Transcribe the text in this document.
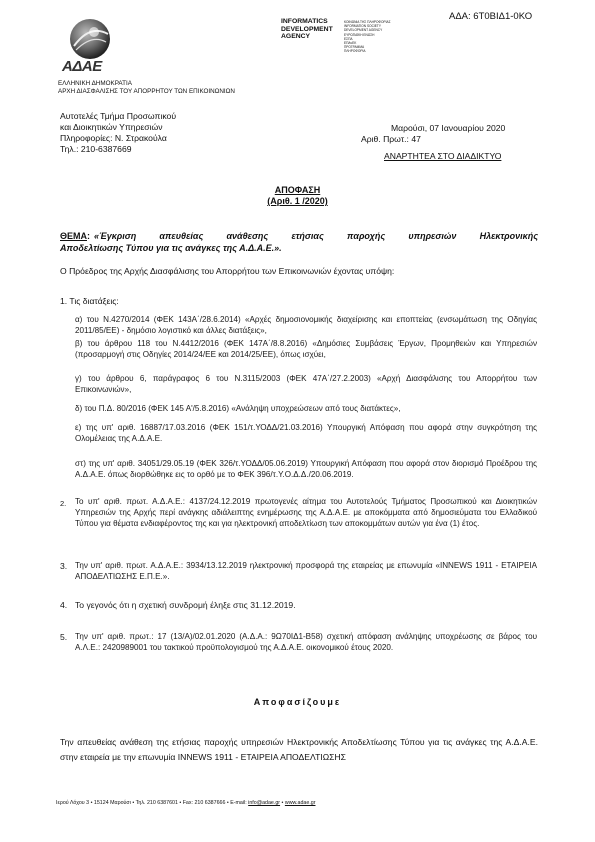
ΑΔΑ: 6Τ0ΒΙΔ1-0ΚΟ
ΑΔΑΕ
ΕΛΛΗΝΙΚΗ ΔΗΜΟΚΡΑΤΙΑ
ΑΡΧΗ ΔΙΑΣΦΑΛΙΣΗΣ ΤΟΥ ΑΠΟΡΡΗΤΟΥ ΤΩΝ ΕΠΙΚΟΙΝΩΝΙΩΝ
INFORMATICS
DEVELOPMENT
AGENCY
ΚΟΙΝΩΝΙΑ ΤΗΣ ΠΛΗΡΟΦΟΡΙΑΣ
INFORMATION SOCIETY
DEVELOPMENT AGENCY
ΕΥΡΩΠΑΪΚΗ ΕΝΩΣΗ
ΕΣΠΑ
ΕΠΑνΕΚ
ΠΡΟΓΡΑΜΜΑ
ΠΛΗΡΟΦΟΡΙΑ
Αυτοτελές Τμήμα Προσωπικού
και Διοικητικών Υπηρεσιών
Πληροφορίες: Ν. Στρακούλα
Τηλ.: 210-6387669
Μαρούσι, 07 Ιανουαρίου 2020
Αριθ. Πρωτ.: 47
ΑΝΑΡΤΗΤΕΑ ΣΤΟ ΔΙΑΔΙΚΤΥΟ
ΑΠΟΦΑΣΗ
(Αριθ. 1 /2020)
ΘΕΜΑ: «Έγκριση απευθείας ανάθεσης ετήσιας παροχής υπηρεσιών Ηλεκτρονικής
Αποδελτίωσης Τύπου για τις ανάγκες της Α.Δ.Α.Ε.».
Ο Πρόεδρος της Αρχής Διασφάλισης του Απορρήτου των Επικοινωνιών έχοντας υπόψη:
1. Τις διατάξεις:
α) του Ν.4270/2014 (ΦΕΚ 143Α΄/28.6.2014) «Αρχές δημοσιονομικής διαχείρισης και εποπτείας (ενσωμάτωση της Οδηγίας 2011/85/ΕΕ) - δημόσιο λογιστικό και άλλες διατάξεις»,
β) του άρθρου 118 του Ν.4412/2016 (ΦΕΚ 147Α΄/8.8.2016) «Δημόσιες Συμβάσεις Έργων, Προμηθειών και Υπηρεσιών (προσαρμογή στις Οδηγίες 2014/24/ΕΕ και 2014/25/ΕΕ), όπως ισχύει,
γ) του άρθρου 6, παράγραφος 6 του Ν.3115/2003 (ΦΕΚ 47Α΄/27.2.2003) «Αρχή Διασφάλισης του Απορρήτου των Επικοινωνιών»,
δ) του Π.Δ. 80/2016 (ΦΕΚ 145 Α'/5.8.2016) «Ανάληψη υποχρεώσεων από τους διατάκτες»,
ε) της υπ' αριθ. 16887/17.03.2016 (ΦΕΚ 151/τ.ΥΟΔΔ/21.03.2016) Υπουργική Απόφαση που αφορά στην συγκρότηση της Ολομέλειας της Α.Δ.Α.Ε.
στ) της υπ' αριθ. 34051/29.05.19 (ΦΕΚ 326/τ.ΥΟΔΔ/05.06.2019) Υπουργική Απόφαση που αφορά στον διορισμό Προέδρου της Α.Δ.Α.Ε. όπως διορθώθηκε εις το ορθό με το ΦΕΚ 396/τ.Υ.Ο.Δ.Δ./20.06.2019.
2. Το υπ' αριθ. πρωτ. Α.Δ.Α.Ε.: 4137/24.12.2019 πρωτογενές αίτημα του Αυτοτελούς Τμήματος Προσωπικού και Διοικητικών Υπηρεσιών της Αρχής περί ανάγκης αδιάλειπτης ενημέρωσης της Α.Δ.Α.Ε. με αποκόμματα από δημοσιεύματα του Ελλαδικού Τύπου για θέματα ενδιαφέροντος της και για ηλεκτρονική αποδελτίωση των αποκομμάτων αυτών για ένα (1) έτος.
3. Την υπ' αριθ. πρωτ. Α.Δ.Α.Ε.: 3934/13.12.2019 ηλεκτρονική προσφορά της εταιρείας με επωνυμία «INNEWS 1911 - ΕΤΑΙΡΕΙΑ ΑΠΟΔΕΛΤΙΩΣΗΣ Ε.Π.Ε.».
4. Το γεγονός ότι η σχετική συνδρομή έληξε στις 31.12.2019.
5. Την υπ' αριθ. πρωτ.: 17 (13/Α)/02.01.2020 (Α.Δ.Α.: 9Ω70ΙΔ1-Β58) σχετική απόφαση ανάληψης υποχρέωσης σε βάρος του Α.Λ.Ε.: 2420989001 του τακτικού προϋπολογισμού της Α.Δ.Α.Ε. οικονομικού έτους 2020.
Αποφασίζουμε
Την απευθείας ανάθεση της ετήσιας παροχής υπηρεσιών Ηλεκτρονικής Αποδελτίωσης Τύπου για τις ανάγκες της Α.Δ.Α.Ε. στην εταιρεία με την επωνυμία INNEWS 1911 - ΕΤΑΙΡΕΙΑ ΑΠΟΔΕΛΤΙΩΣΗΣ
Ιερού Λόχου 3 • 15124 Μαρούσι • Τηλ. 210 6387601 • Fax: 210 6387666 • E-mail: info@adae.gr • www.adae.gr
